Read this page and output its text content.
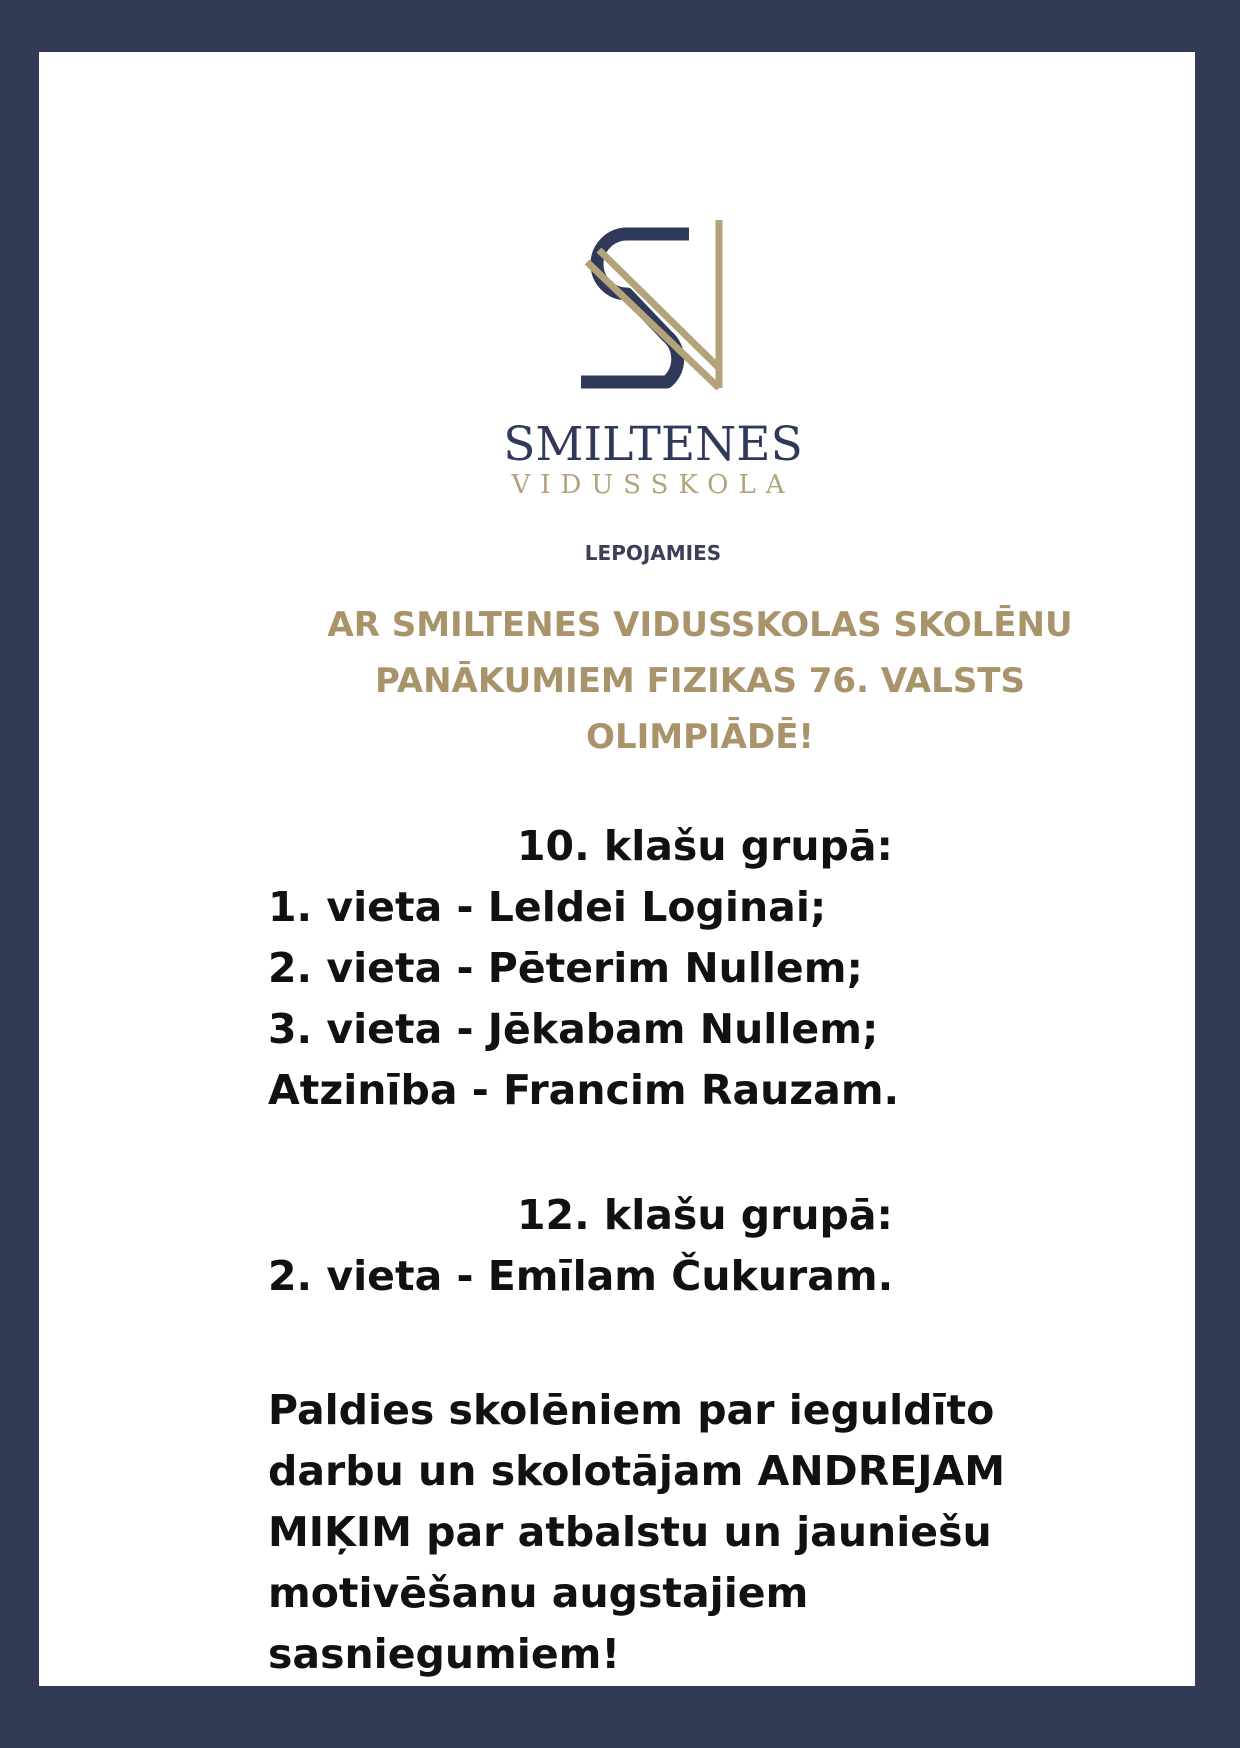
SMILTENES
VIDUSSKOLA
LEPOJAMIES

AR SMILTENES VIDUSSKOLAS SKOLĒNU PANĀKUMIEM FIZIKAS 76. VALSTS OLIMPIĀDĒ!

10. klašu grupā:
1. vieta - Leldei Loginai;
2. vieta - Pēterim Nullem;
3. vieta - Jēkabam Nullem;
Atzinība - Francim Rauzam.
12. klašu grupā:
2. vieta - Emīlam Čukuram.
Paldies skolēniem par ieguldīto darbu un skolotājam ANDREJAM MIĶIM par atbalstu un jauniešu motivēšanu augstajiem sasniegumiem!
